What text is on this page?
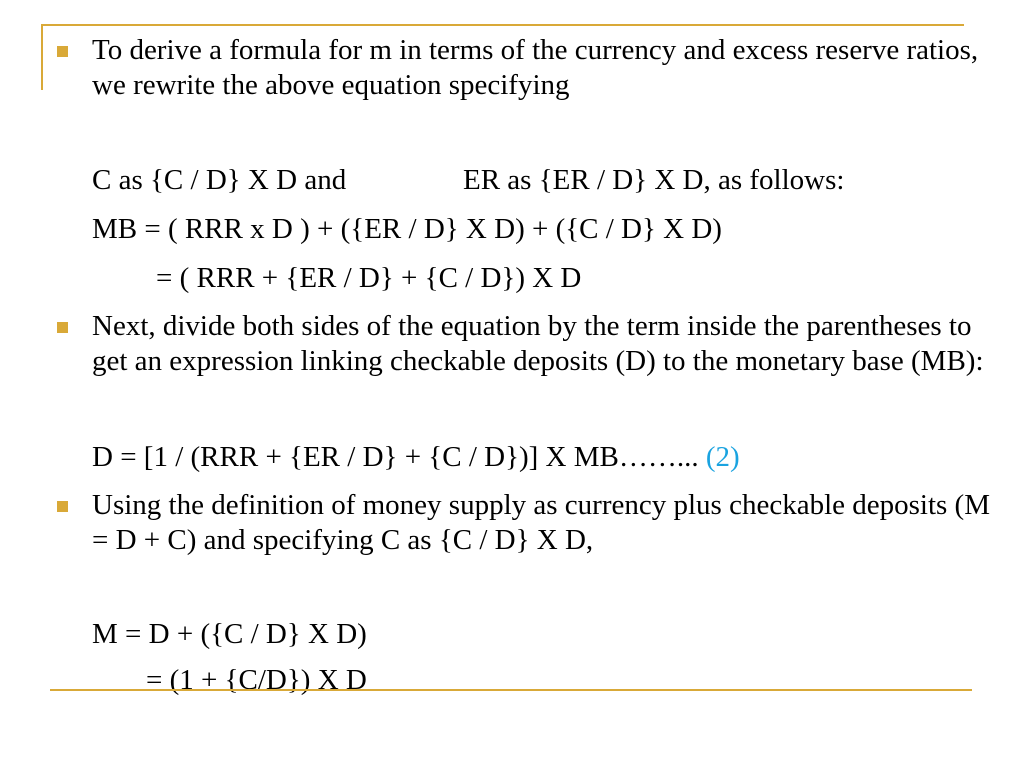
To derive a formula for m in terms of the currency and excess reserve ratios, we rewrite the above equation specifying
C as {C / D} X D and	ER as {ER / D} X D, as follows:
MB = ( RRR x D ) + ({ER / D} X D) + ({C / D} X D)
= ( RRR + {ER / D} + {C / D}) X D
Next, divide both sides of the equation by the term inside the parentheses to get an expression linking checkable deposits (D) to the monetary base (MB):
D = [1 / (RRR + {ER / D} + {C / D})] X MB……... (2)
Using the definition of money supply as currency plus checkable deposits (M = D + C) and specifying C as {C / D} X D,
M = D + ({C / D} X D)
= (1 + {C/D}) X D
